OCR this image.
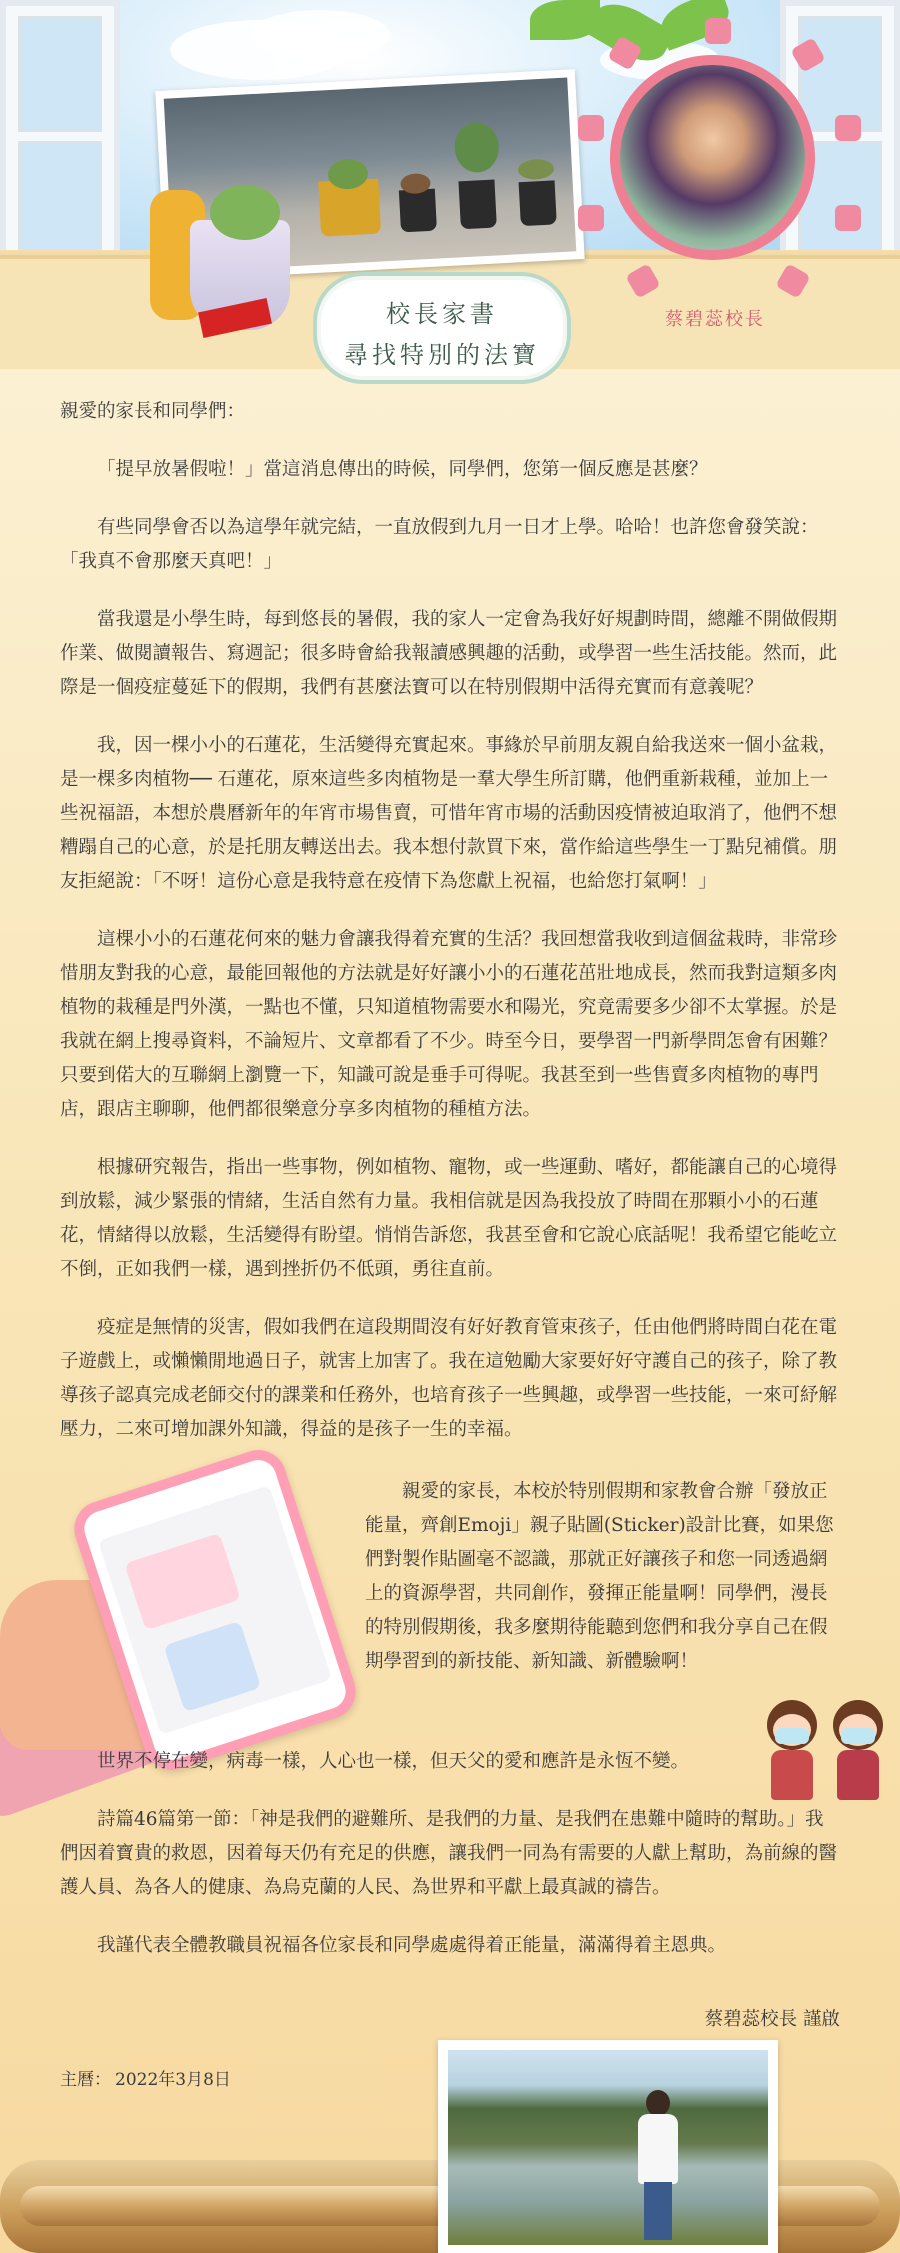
校長家書
尋找特別的法寶
蔡碧蕊校長

親愛的家長和同學們：

「提早放暑假啦！」當這消息傳出的時候，同學們，您第一個反應是甚麼？

有些同學會否以為這學年就完結，一直放假到九月一日才上學。哈哈！也許您會發笑說：「我真不會那麼天真吧！」

當我還是小學生時，每到悠長的暑假，我的家人一定會為我好好規劃時間，總離不開做假期作業、做閱讀報告、寫週記；很多時會給我報讀感興趣的活動，或學習一些生活技能。然而，此際是一個疫症蔓延下的假期，我們有甚麼法寶可以在特別假期中活得充實而有意義呢？

我，因一棵小小的石蓮花，生活變得充實起來。事緣於早前朋友親自給我送來一個小盆栽，是一棵多肉植物── 石蓮花，原來這些多肉植物是一羣大學生所訂購，他們重新栽種，並加上一些祝福語，本想於農曆新年的年宵市場售賣，可惜年宵市場的活動因疫情被迫取消了，他們不想糟蹋自己的心意，於是托朋友轉送出去。我本想付款買下來，當作給這些學生一丁點兒補償。朋友拒絕說：「不呀！這份心意是我特意在疫情下為您獻上祝福，也給您打氣啊！」

這棵小小的石蓮花何來的魅力會讓我得着充實的生活？我回想當我收到這個盆栽時，非常珍惜朋友對我的心意，最能回報他的方法就是好好讓小小的石蓮花茁壯地成長，然而我對這類多肉植物的栽種是門外漢，一點也不懂，只知道植物需要水和陽光，究竟需要多少卻不太掌握。於是我就在網上搜尋資料，不論短片、文章都看了不少。時至今日，要學習一門新學問怎會有困難？只要到偌大的互聯網上瀏覽一下，知識可說是垂手可得呢。我甚至到一些售賣多肉植物的專門店，跟店主聊聊，他們都很樂意分享多肉植物的種植方法。

根據研究報告，指出一些事物，例如植物、寵物，或一些運動、嗜好，都能讓自己的心境得到放鬆，減少緊張的情緒，生活自然有力量。我相信就是因為我投放了時間在那顆小小的石蓮花，情緒得以放鬆，生活變得有盼望。悄悄告訴您，我甚至會和它說心底話呢！我希望它能屹立不倒，正如我們一樣，遇到挫折仍不低頭，勇往直前。

疫症是無情的災害，假如我們在這段期間沒有好好教育管束孩子，任由他們將時間白花在電子遊戲上，或懶懶閒地過日子，就害上加害了。我在這勉勵大家要好好守護自己的孩子，除了教導孩子認真完成老師交付的課業和任務外，也培育孩子一些興趣，或學習一些技能，一來可紓解壓力，二來可增加課外知識，得益的是孩子一生的幸福。

親愛的家長，本校於特別假期和家教會合辦「發放正能量，齊創Emoji」親子貼圖(Sticker)設計比賽，如果您們對製作貼圖毫不認識，那就正好讓孩子和您一同透過網上的資源學習，共同創作，發揮正能量啊！同學們，漫長的特別假期後，我多麼期待能聽到您們和我分享自己在假期學習到的新技能、新知識、新體驗啊！

世界不停在變，病毒一樣，人心也一樣，但天父的愛和應許是永恆不變。

詩篇46篇第一節：「神是我們的避難所、是我們的力量、是我們在患難中隨時的幫助。」我們因着寶貴的救恩，因着每天仍有充足的供應，讓我們一同為有需要的人獻上幫助，為前線的醫護人員、為各人的健康、為烏克蘭的人民、為世界和平獻上最真誠的禱告。

我謹代表全體教職員祝福各位家長和同學處處得着正能量，滿滿得着主恩典。

蔡碧蕊校長 謹啟
主曆： 2022年3月8日
